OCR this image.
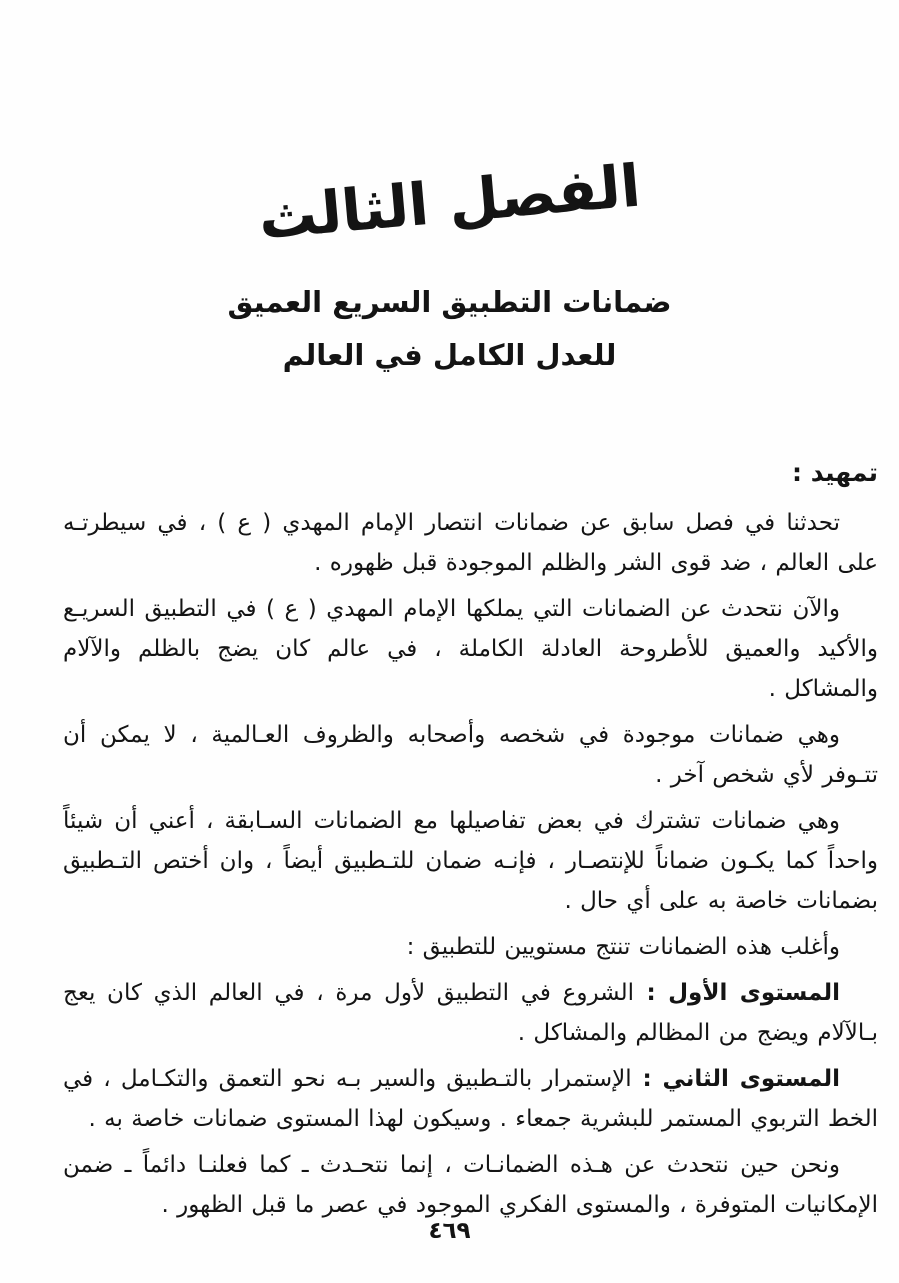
الفصل الثالث
ضمانات التطبيق السريع العميق
للعدل الكامل في العالم
تمهيد :

تحدثنا في فصل سابق عن ضمانات انتصار الإمام المهدي ( ع ) ، في سيطرتـه على العالم ، ضد قوى الشر والظلم الموجودة قبل ظهوره .

والآن نتحدث عن الضمانات التي يملكها الإمام المهدي ( ع ) في التطبيق السريـع والأكيد والعميق للأطروحة العادلة الكاملة ، في عالم كان يضج بالظلم والآلام والمشاكل .

وهي ضمانات موجودة في شخصه وأصحابه والظروف العـالمية ، لا يمكن أن تتـوفر لأي شخص آخر .

وهي ضمانات تشترك في بعض تفاصيلها مع الضمانات السـابقة ، أعني أن شيئاً واحداً كما يكـون ضماناً للإنتصـار ، فإنـه ضمان للتـطبيق أيضاً ، وان أختص التـطبيق بضمانات خاصة به على أي حال .

وأغلب هذه الضمانات تنتج مستويين للتطبيق :

المستوى الأول : الشروع في التطبيق لأول مرة ، في العالم الذي كان يعج بـالآلام ويضج من المظالم والمشاكل .

المستوى الثاني : الإستمرار بالتـطبيق والسير بـه نحو التعمق والتكـامل ، في الخط التربوي المستمر للبشرية جمعاء . وسيكون لهذا المستوى ضمانات خاصة به .

ونحن حين نتحدث عن هـذه الضمانـات ، إنما نتحـدث ـ كما فعلنـا دائماً ـ ضمن الإمكانيات المتوفرة ، والمستوى الفكري الموجود في عصر ما قبل الظهور .

٤٦٩
